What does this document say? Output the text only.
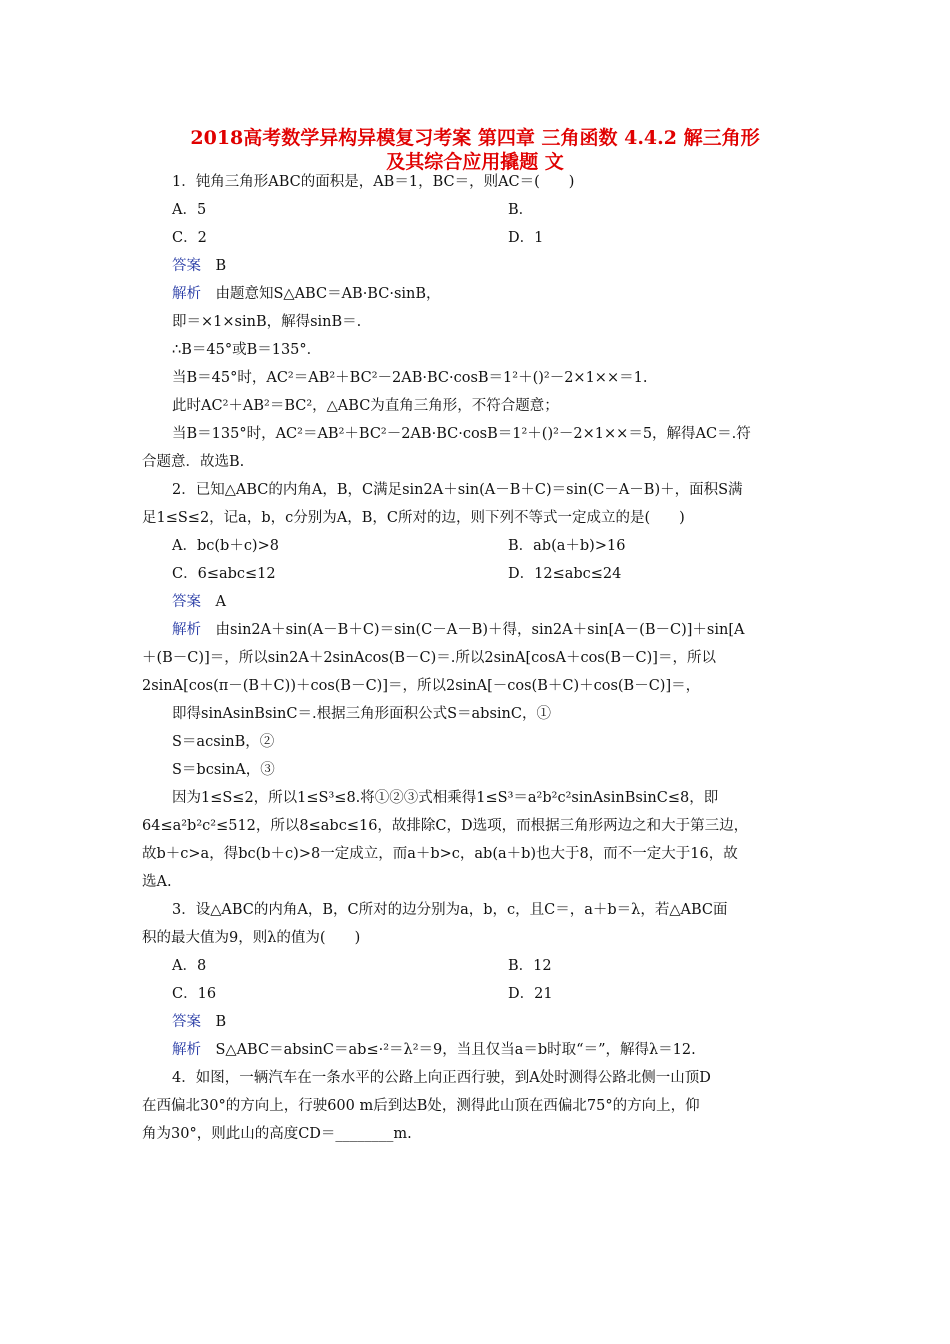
2018高考数学异构异模复习考案 第四章 三角函数 4.4.2 解三角形
及其综合应用撬题 文
1．钝角三角形ABC的面积是，AB＝1，BC＝，则AC＝(　　)
A．5	B．
C．2	D．1
答案　 B
解析　 由题意知S△ABC＝AB·BC·sinB，
即＝×1×sinB，解得sinB＝.
∴B＝45°或B＝135°．
当B＝45°时，AC²＝AB²＋BC²－2AB·BC·cosB＝1²＋()²－2×1××＝1.
此时AC²＋AB²＝BC²，△ABC为直角三角形，不符合题意；
当B＝135°时，AC²＝AB²＋BC²－2AB·BC·cosB＝1²＋()²－2×1××＝5，解得AC＝.符
合题意．故选B.
2．已知△ABC的内角A，B，C满足sin2A＋sin(A－B＋C)＝sin(C－A－B)＋，面积S满
足1≤S≤2，记a，b，c分别为A，B，C所对的边，则下列不等式一定成立的是(　　)
A．bc(b＋c)>8	B．ab(a＋b)>16
C．6≤abc≤12	D．12≤abc≤24
答案　 A
解析　 由sin2A＋sin(A－B＋C)＝sin(C－A－B)＋得，sin2A＋sin[A－(B－C)]＋sin[A
＋(B－C)]＝，所以sin2A＋2sinAcos(B－C)＝.所以2sinA[cosA＋cos(B－C)]＝，所以
2sinA[cos(π－(B＋C))＋cos(B－C)]＝，所以2sinA[－cos(B＋C)＋cos(B－C)]＝，
即得sinAsinBsinC＝.根据三角形面积公式S＝absinC，①
S＝acsinB，②
S＝bcsinA，③
因为1≤S≤2，所以1≤S³≤8.将①②③式相乘得1≤S³＝a²b²c²sinAsinBsinC≤8，即
64≤a²b²c²≤512，所以8≤abc≤16，故排除C，D选项，而根据三角形两边之和大于第三边，
故b＋c>a，得bc(b＋c)>8一定成立，而a＋b>c，ab(a＋b)也大于8，而不一定大于16，故
选A.
3．设△ABC的内角A，B，C所对的边分别为a，b，c，且C＝，a＋b＝λ，若△ABC面
积的最大值为9，则λ的值为(　　)
A．8	B．12
C．16	D．21
答案　 B
解析　 S△ABC＝absinC＝ab≤·²＝λ²＝9，当且仅当a＝b时取“＝”，解得λ＝12.
4．如图，一辆汽车在一条水平的公路上向正西行驶，到A处时测得公路北侧一山顶D
在西偏北30°的方向上，行驶600 m后到达B处，测得此山顶在西偏北75°的方向上，仰
角为30°，则此山的高度CD＝________m.
